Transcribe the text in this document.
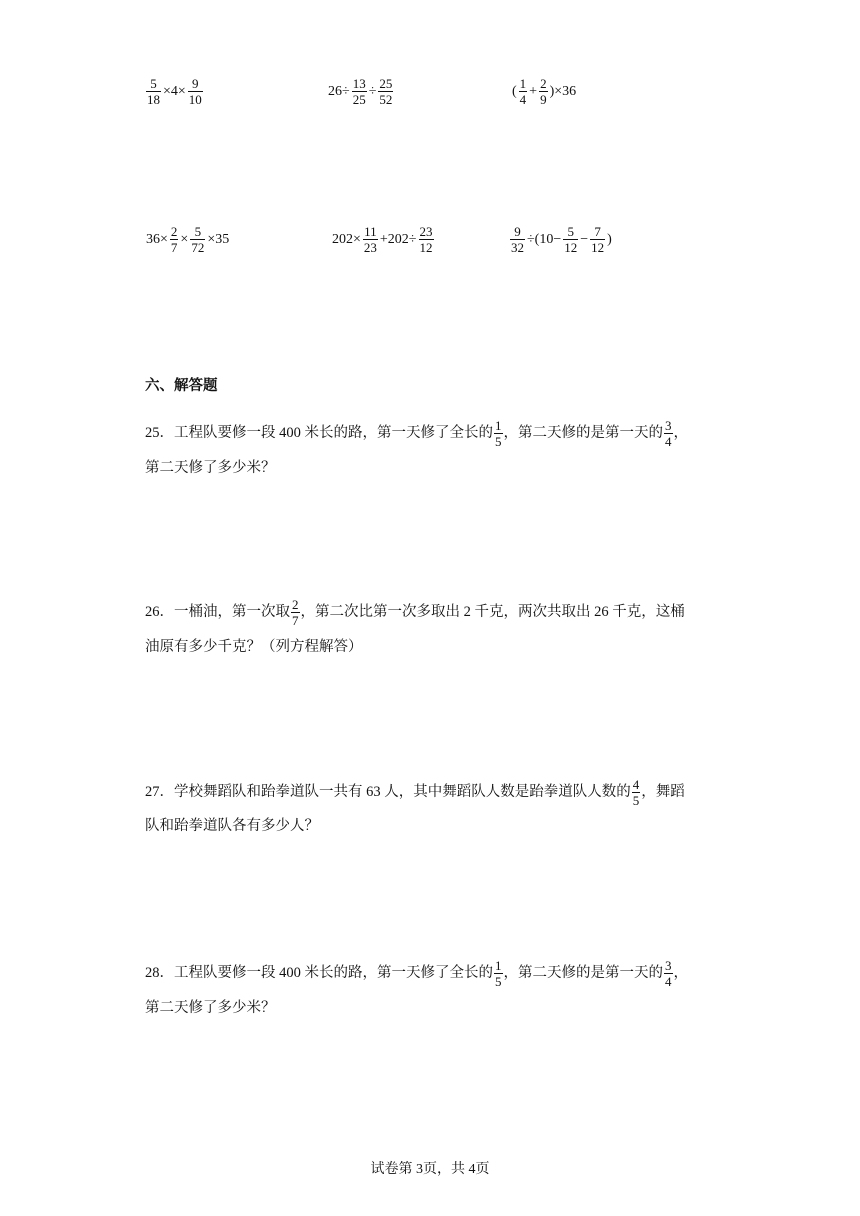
$\frac{5}{18} \times 4\times \frac{9}{10}$	$26\div \frac{13}{25} \div \frac{25}{52}$	( $\frac{1}{4} + \frac{2}{9} )\times 36$
$36\times \frac{2}{7} \times \frac{5}{72} \times 35$	$202\times \frac{11}{23} +202\div \frac{23}{12}$	$\frac{9}{32} \div(10- \frac{5}{12} - \frac{7}{12}$ )
六、解答题
25．工程队要修一段 400 米长的路，第一天修了全长的 $\frac{1}{5}$ ，第二天修的是第一天的 $\frac{3}{4}$ ，
第二天修了多少米？
26．一桶油，第一次取 $\frac{2}{7}$ ，第二次比第一次多取出 2 千克，两次共取出 26 千克，这桶
油原有多少千克？（列方程解答）
27．学校舞蹈队和跆拳道队一共有 63 人，其中舞蹈队人数是跆拳道队人数的 $\frac{4}{5}$ ，舞蹈
队和跆拳道队各有多少人？
28．工程队要修一段 400 米长的路，第一天修了全长的 $\frac{1}{5}$ ，第二天修的是第一天的 $\frac{3}{4}$ ，
第二天修了多少米？
试卷第 3页，共 4页
